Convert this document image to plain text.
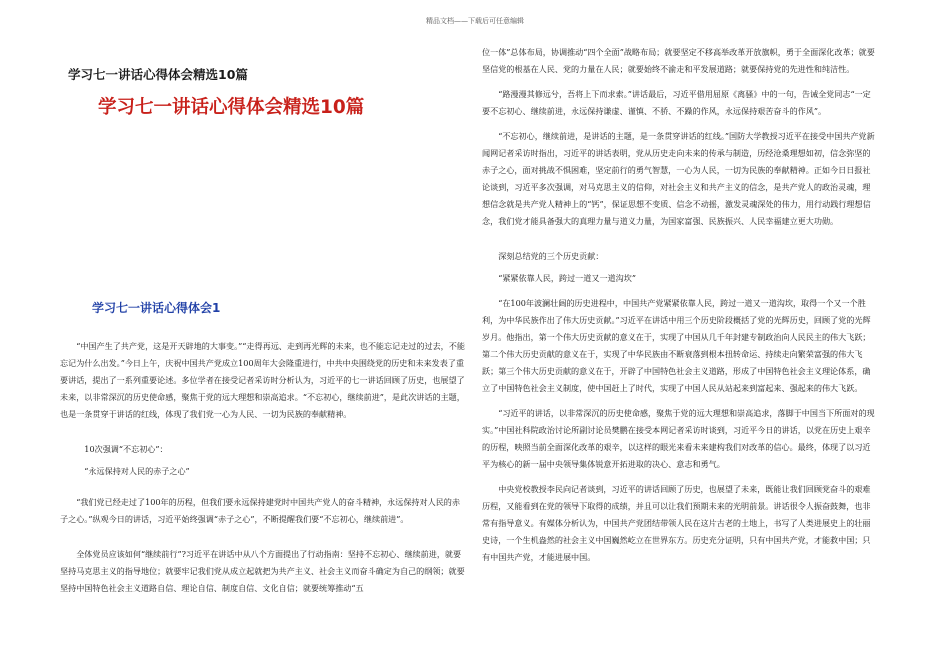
精品文档——下载后可任意编辑
学习七一讲话心得体会精选10篇
学习七一讲话心得体会精选10篇
学习七一讲话心得体会1

“中国产生了共产党，这是开天辟地的大事变。”“走得再远、走到再光辉的未来，也不能忘记走过的过去，不能忘记为什么出发。”今日上午，庆祝中国共产党成立100周年大会隆重进行，中共中央围绕党的历史和未来发表了重要讲话，提出了一系列重要论述。多位学者在接受记者采访时分析认为，习近平的七一讲话回顾了历史，也展望了未来，以非常深沉的历史使命感，聚焦于党的远大理想和崇高追求。“不忘初心，继续前进”，是此次讲话的主题，也是一条贯穿于讲话的红线，体现了我们党一心为人民、一切为民族的奉献精神。

10次强调“不忘初心”：

“永远保持对人民的赤子之心”

“我们党已经走过了100年的历程，但我们要永远保持建党时中国共产党人的奋斗精神，永远保持对人民的赤子之心。”纵观今日的讲话，习近平始终强调“赤子之心”，不断提醒我们要“不忘初心，继续前进”。

全体党员应该如何“继续前行”?习近平在讲话中从八个方面提出了行动指南：坚持不忘初心、继续前进，就要坚持马克思主义的指导地位；就要牢记我们党从成立起就把为共产主义、社会主义而奋斗确定为自己的纲领；就要坚持中国特色社会主义道路自信、理论自信、制度自信、文化自信；就要统筹推动“五

位一体”总体布局，协调推动“四个全面”战略布局；就要坚定不移高举改革开放旗帜，勇于全面深化改革；就要坚信党的根基在人民、党的力量在人民；就要始终不渝走和平发展道路；就要保持党的先进性和纯洁性。

“路漫漫其修远兮，吾将上下而求索。”讲话最后，习近平借用屈原《离骚》中的一句，告诫全党同志“一定要不忘初心、继续前进，永远保持谦虚、谨慎、不骄、不躁的作风，永远保持艰苦奋斗的作风”。

“不忘初心，继续前进，是讲话的主题，是一条贯穿讲话的红线。”国防大学教授习近平在接受中国共产党新闻网记者采访时指出，习近平的讲话表明，党从历史走向未来的传承与制造，历经沧桑理想如初，信念弥坚的赤子之心，面对挑战不惧困难，坚定前行的勇气智慧，一心为人民，一切为民族的奉献精神。正如今日日报社论谈到，习近平多次强调，对马克思主义的信仰，对社会主义和共产主义的信念，是共产党人的政治灵魂，理想信念就是共产党人精神上的“钙”，保证思想不变质、信念不动摇，激发灵魂深处的伟力，用行动践行理想信念，我们党才能具备强大的真理力量与道义力量，为国家富强、民族振兴、人民幸福建立更大功勋。

深刻总结党的三个历史贡献：

“紧紧依靠人民，跨过一道又一道沟坎”

“在100年波澜壮阔的历史进程中，中国共产党紧紧依靠人民，跨过一道又一道沟坎，取得一个又一个胜利，为中华民族作出了伟大历史贡献。”习近平在讲话中用三个历史阶段概括了党的光辉历史，回顾了党的光辉岁月。他指出，第一个伟大历史贡献的意义在于，实现了中国从几千年封建专制政治向人民民主的伟大飞跃；第二个伟大历史贡献的意义在于，实现了中华民族由不断衰落到根本扭转命运、持续走向繁荣富强的伟大飞跃；第三个伟大历史贡献的意义在于，开辟了中国特色社会主义道路，形成了中国特色社会主义理论体系，确立了中国特色社会主义制度，使中国赶上了时代，实现了中国人民从站起来到富起来、强起来的伟大飞跃。

“习近平的讲话，以非常深沉的历史使命感，聚焦于党的远大理想和崇高追求，落脚于中国当下所面对的现实。”中国社科院政治讨论所副讨论员樊鹏在接受本网记者采访时谈到，习近平今日的讲话，以党在历史上艰辛的历程，映照当前全面深化改革的艰辛，以这样的眼光来看未来建构我们对改革的信心。最终，体现了以习近平为核心的新一届中央领导集体锐意开拓进取的决心、意志和勇气。

中央党校教授李民向记者谈到，习近平的讲话回顾了历史，也展望了未来，既能让我们回顾党奋斗的艰难历程，又能看到在党的领导下取得的成绩，并且可以让我们预期未来的光明前景。讲话很令人振奋鼓舞，也非常有指导意义。有媒体分析认为，中国共产党团结带领人民在这片古老的土地上，书写了人类进展史上的壮丽史诗，一个生机盎然的社会主义中国巍然屹立在世界东方。历史充分证明，只有中国共产党，才能救中国；只有中国共产党，才能进展中国。
